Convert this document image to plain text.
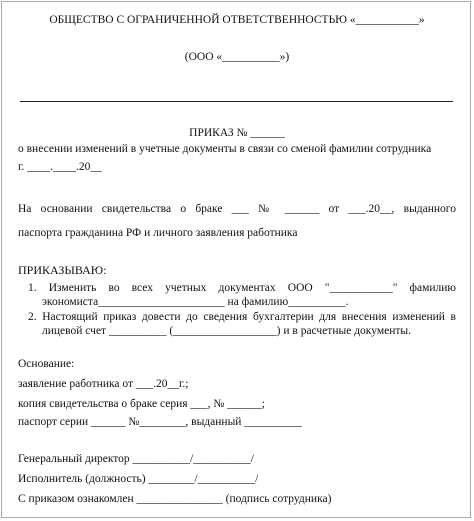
ОБЩЕСТВО С ОГРАНИЧЕННОЙ ОТВЕТСТВЕННОСТЬЮ «___________»
(ООО «__________»)
ПРИКАЗ № ______
о внесении изменений в учетные документы в связи со сменой фамилии сотрудника
г. ____.____.20__
На основании свидетельства о браке ___ № ______ от ___.20__, выданного
паспорта гражданина РФ и личного заявления работника
ПРИКАЗЫВАЮ:
1. Изменить во всех учетных документах ООО "___________" фамилию
экономиста______________________ на фамилию__________.
2. Настоящий приказ довести до сведения бухгалтерии для внесения изменений в
лицевой счет __________ (__________________) и в расчетные документы.
Основание:
заявление работника от ___.20__г.;
копия свидетельства о браке серия ___, № ______;
паспорт серии ______ №________, выданный __________
Генеральный директор __________/__________/
Исполнитель (должность) ________/__________/
С приказом ознакомлен _______________ (подпись сотрудника)
